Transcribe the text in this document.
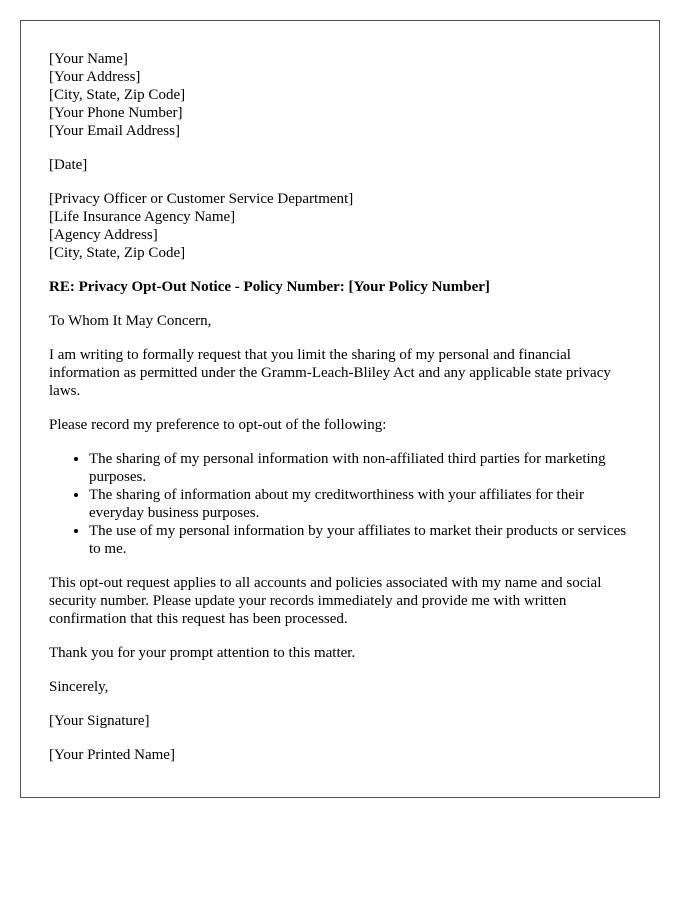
[Your Name]
[Your Address]
[City, State, Zip Code]
[Your Phone Number]
[Your Email Address]
[Date]
[Privacy Officer or Customer Service Department]
[Life Insurance Agency Name]
[Agency Address]
[City, State, Zip Code]

RE: Privacy Opt-Out Notice - Policy Number: [Your Policy Number]

To Whom It May Concern,

I am writing to formally request that you limit the sharing of my personal and financial information as permitted under the Gramm-Leach-Bliley Act and any applicable state privacy laws.

Please record my preference to opt-out of the following:

• The sharing of my personal information with non-affiliated third parties for marketing purposes.
• The sharing of information about my creditworthiness with your affiliates for their everyday business purposes.
• The use of my personal information by your affiliates to market their products or services to me.

This opt-out request applies to all accounts and policies associated with my name and social security number. Please update your records immediately and provide me with written confirmation that this request has been processed.

Thank you for your prompt attention to this matter.

Sincerely,

[Your Signature]

[Your Printed Name]
